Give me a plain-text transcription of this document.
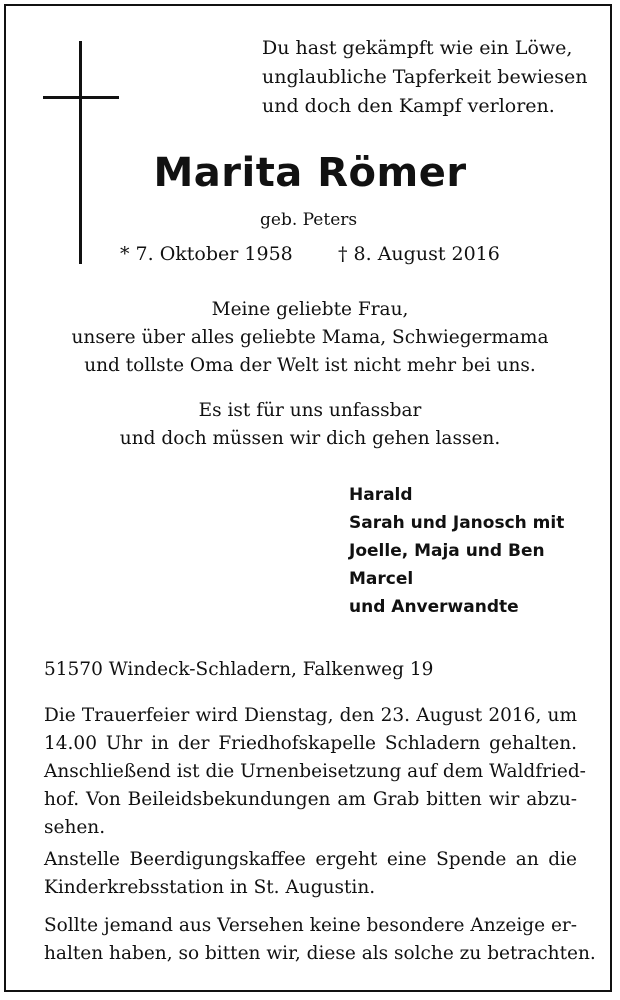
Du hast gekämpft wie ein Löwe,
unglaubliche Tapferkeit bewiesen
und doch den Kampf verloren.
Marita Römer
geb. Peters
* 7. Oktober 1958 † 8. August 2016
Meine geliebte Frau,
unsere über alles geliebte Mama, Schwiegermama
und tollste Oma der Welt ist nicht mehr bei uns.
Es ist für uns unfassbar
und doch müssen wir dich gehen lassen.
Harald
Sarah und Janosch mit
Joelle, Maja und Ben
Marcel
und Anverwandte
51570 Windeck-Schladern, Falkenweg 19
Die Trauerfeier wird Dienstag, den 23. August 2016, um
14.00 Uhr in der Friedhofskapelle Schladern gehalten.
Anschließend ist die Urnenbeisetzung auf dem Waldfried-
hof. Von Beileidsbekundungen am Grab bitten wir abzu-
sehen.
Anstelle Beerdigungskaffee ergeht eine Spende an die
Kinderkrebsstation in St. Augustin.
Sollte jemand aus Versehen keine besondere Anzeige er-
halten haben, so bitten wir, diese als solche zu betrachten.
